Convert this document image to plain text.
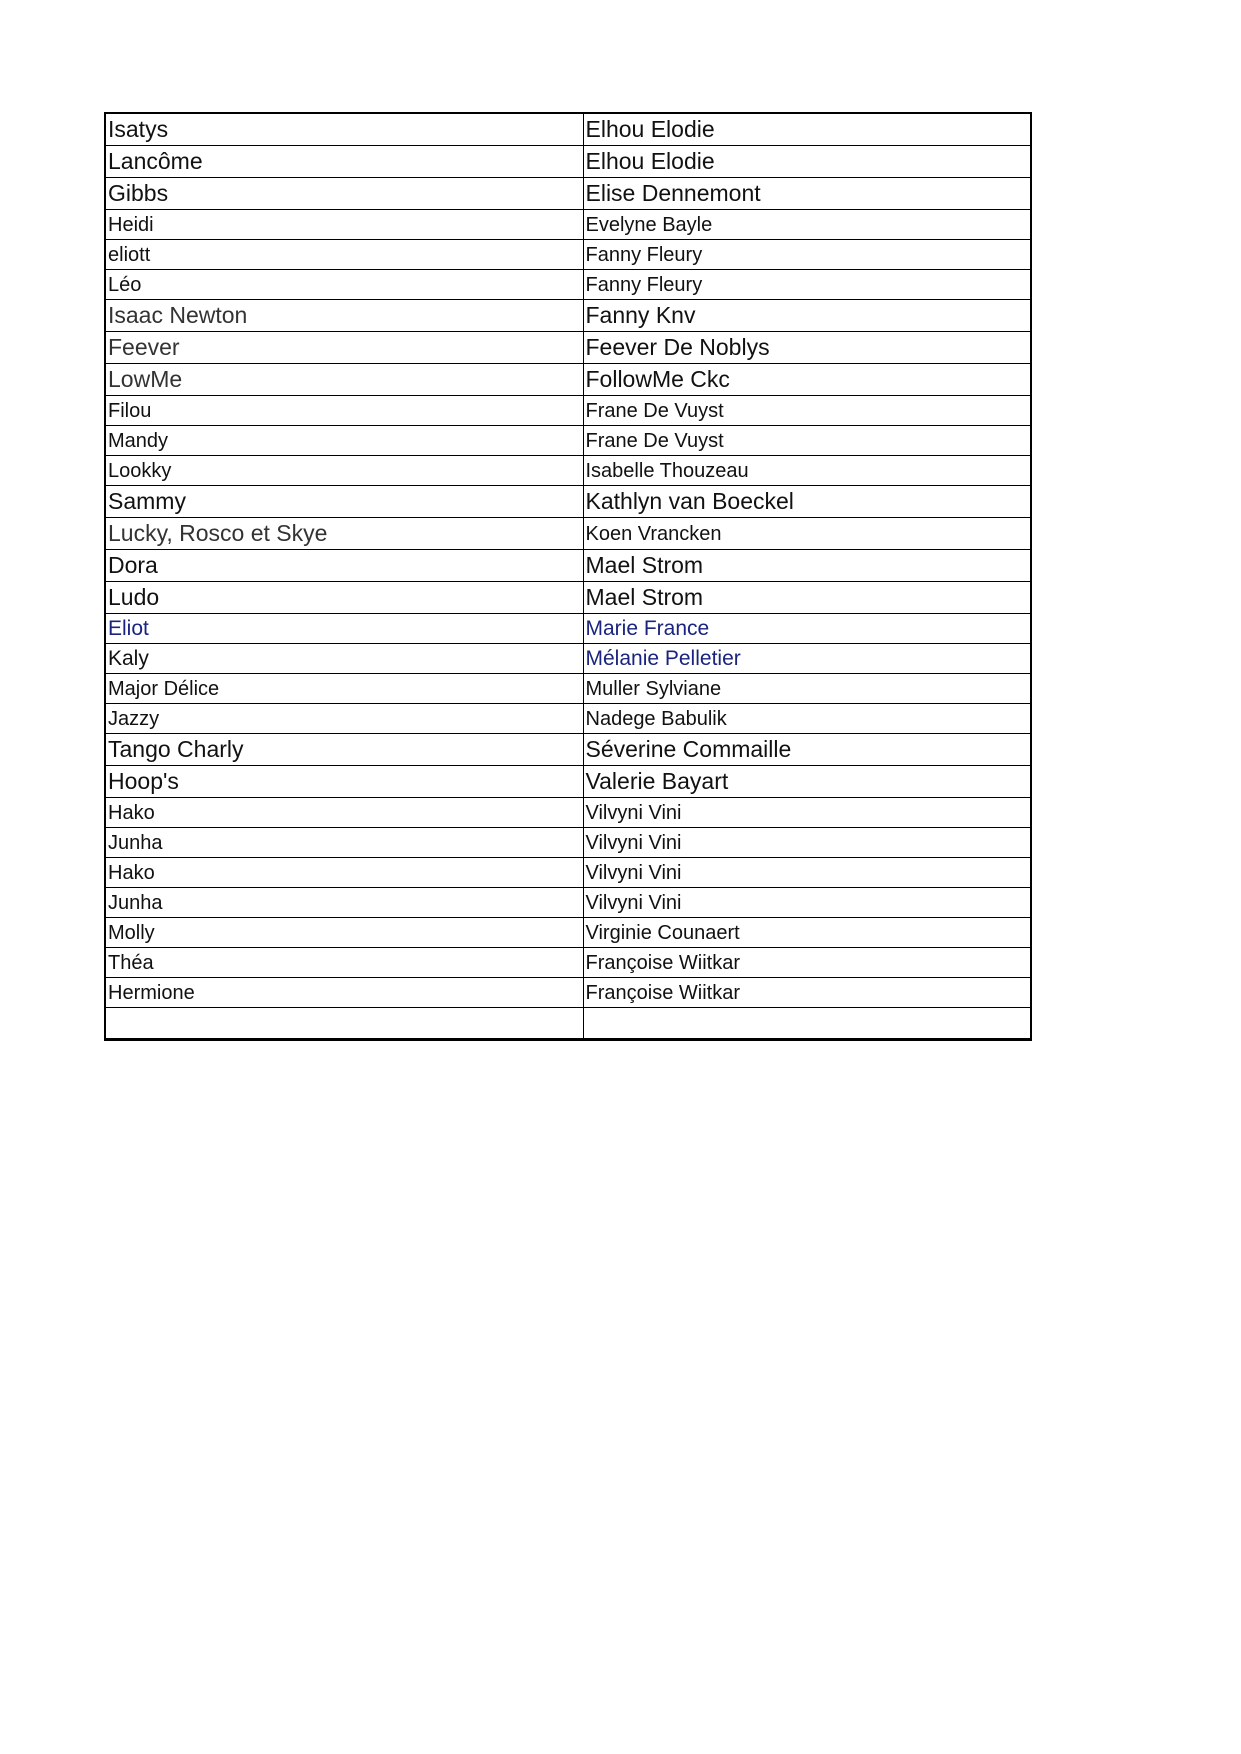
Isatys	Elhou Elodie
Lancôme	Elhou Elodie
Gibbs	Elise Dennemont
Heidi	Evelyne Bayle
eliott	Fanny Fleury
Léo	Fanny Fleury
Isaac Newton	Fanny Knv
Feever	Feever De Noblys
LowMe	FollowMe Ckc
Filou	Frane De Vuyst
Mandy	Frane De Vuyst
Lookky	Isabelle Thouzeau
Sammy	Kathlyn van Boeckel
Lucky, Rosco et Skye	Koen Vrancken
Dora	Mael Strom
Ludo	Mael Strom
Eliot	Marie France
Kaly	Mélanie Pelletier
Major Délice	Muller Sylviane
Jazzy	Nadege Babulik
Tango Charly	Séverine Commaille
Hoop's	Valerie Bayart
Hako	Vilvyni Vini
Junha	Vilvyni Vini
Hako	Vilvyni Vini
Junha	Vilvyni Vini
Molly	Virginie Counaert
Théa	Françoise Wiitkar
Hermione	Françoise Wiitkar
